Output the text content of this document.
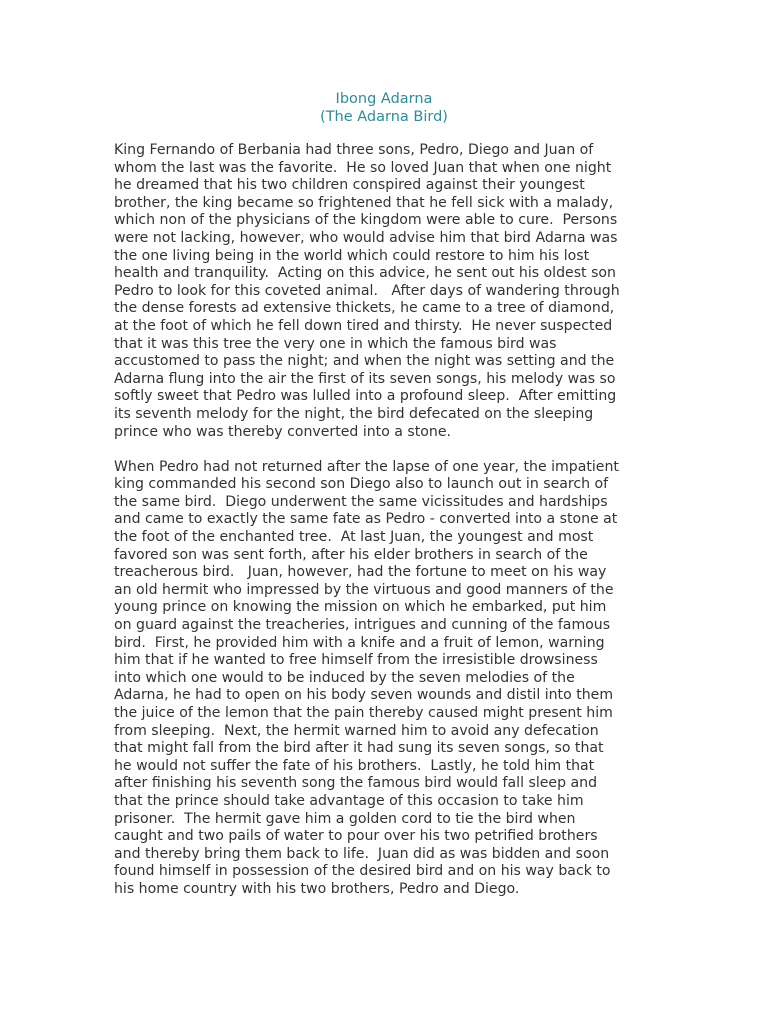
Ibong Adarna
(The Adarna Bird)
King Fernando of Berbania had three sons, Pedro, Diego and Juan of
whom the last was the favorite.  He so loved Juan that when one night
he dreamed that his two children conspired against their youngest
brother, the king became so frightened that he fell sick with a malady,
which non of the physicians of the kingdom were able to cure.  Persons
were not lacking, however, who would advise him that bird Adarna was
the one living being in the world which could restore to him his lost
health and tranquility.  Acting on this advice, he sent out his oldest son
Pedro to look for this coveted animal.   After days of wandering through
the dense forests ad extensive thickets, he came to a tree of diamond,
at the foot of which he fell down tired and thirsty.  He never suspected
that it was this tree the very one in which the famous bird was
accustomed to pass the night; and when the night was setting and the
Adarna flung into the air the first of its seven songs, his melody was so
softly sweet that Pedro was lulled into a profound sleep.  After emitting
its seventh melody for the night, the bird defecated on the sleeping
prince who was thereby converted into a stone.
When Pedro had not returned after the lapse of one year, the impatient
king commanded his second son Diego also to launch out in search of
the same bird.  Diego underwent the same vicissitudes and hardships
and came to exactly the same fate as Pedro - converted into a stone at
the foot of the enchanted tree.  At last Juan, the youngest and most
favored son was sent forth, after his elder brothers in search of the
treacherous bird.   Juan, however, had the fortune to meet on his way
an old hermit who impressed by the virtuous and good manners of the
young prince on knowing the mission on which he embarked, put him
on guard against the treacheries, intrigues and cunning of the famous
bird.  First, he provided him with a knife and a fruit of lemon, warning
him that if he wanted to free himself from the irresistible drowsiness
into which one would to be induced by the seven melodies of the
Adarna, he had to open on his body seven wounds and distil into them
the juice of the lemon that the pain thereby caused might present him
from sleeping.  Next, the hermit warned him to avoid any defecation
that might fall from the bird after it had sung its seven songs, so that
he would not suffer the fate of his brothers.  Lastly, he told him that
after finishing his seventh song the famous bird would fall sleep and
that the prince should take advantage of this occasion to take him
prisoner.  The hermit gave him a golden cord to tie the bird when
caught and two pails of water to pour over his two petrified brothers
and thereby bring them back to life.  Juan did as was bidden and soon
found himself in possession of the desired bird and on his way back to
his home country with his two brothers, Pedro and Diego.
